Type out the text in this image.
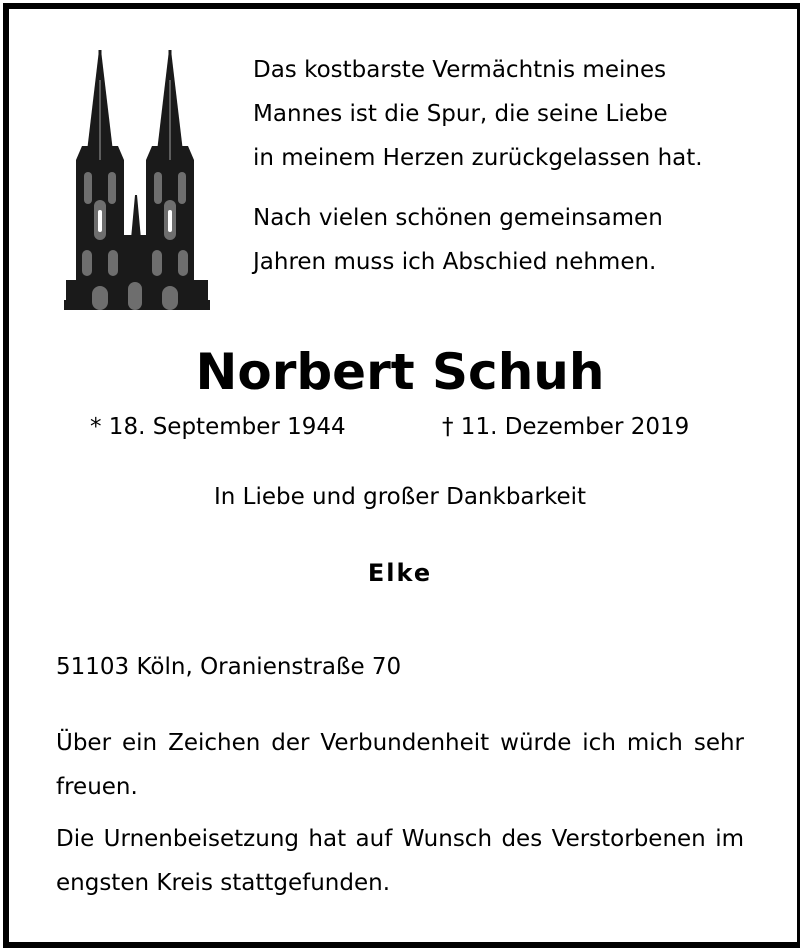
Das kostbarste Vermächtnis meines
Mannes ist die Spur, die seine Liebe
in meinem Herzen zurückgelassen hat.

Nach vielen schönen gemeinsamen
Jahren muss ich Abschied nehmen.

Norbert Schuh
* 18. September 1944	† 11. Dezember 2019
In Liebe und großer Dankbarkeit
Elke
51103 Köln, Oranienstraße 70

Über ein Zeichen der Verbundenheit würde ich mich sehr freuen.

Die Urnenbeisetzung hat auf Wunsch des Verstorbenen im engsten Kreis stattgefunden.
